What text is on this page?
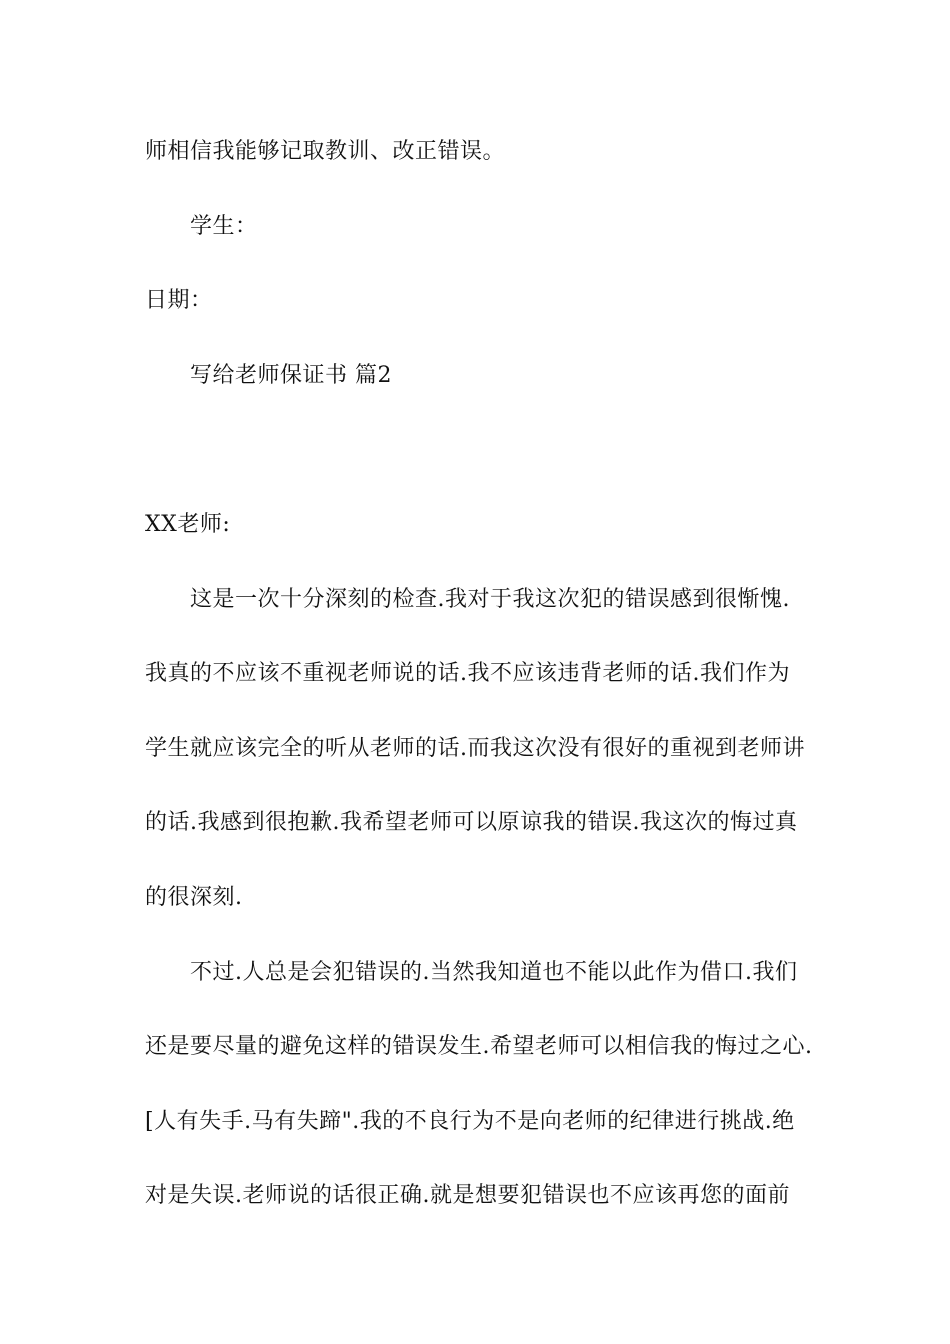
师相信我能够记取教训、改正错误。
学生：
日期：
写给老师保证书 篇2
XX老师:
这是一次十分深刻的检查.我对于我这次犯的错误感到很惭愧.
我真的不应该不重视老师说的话.我不应该违背老师的话.我们作为
学生就应该完全的听从老师的话.而我这次没有很好的重视到老师讲
的话.我感到很抱歉.我希望老师可以原谅我的错误.我这次的悔过真
的很深刻.
不过.人总是会犯错误的.当然我知道也不能以此作为借口.我们
还是要尽量的避免这样的错误发生.希望老师可以相信我的悔过之心.
[人有失手.马有失蹄".我的不良行为不是向老师的纪律进行挑战.绝
对是失误.老师说的话很正确.就是想要犯错误也不应该再您的面前
